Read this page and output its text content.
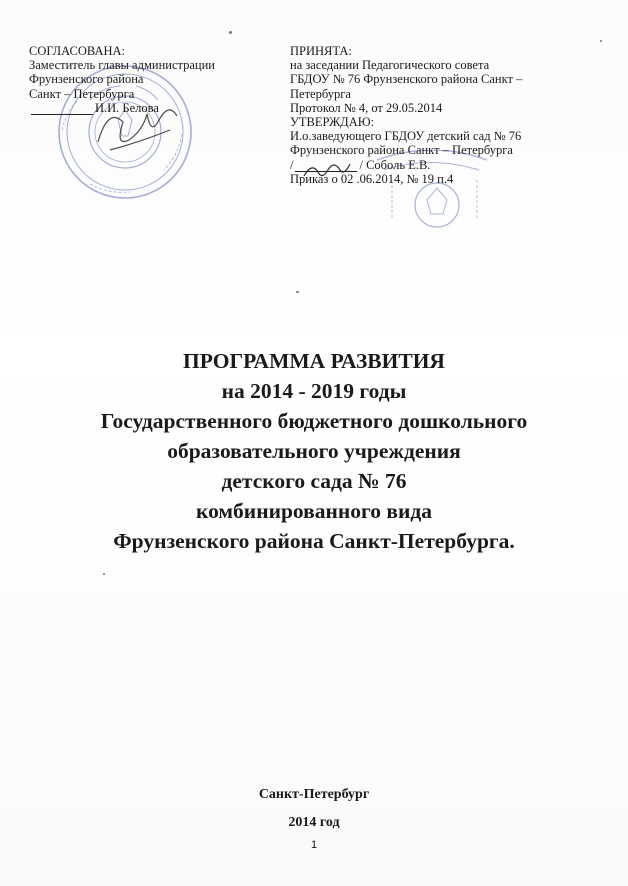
СОГЛАСОВАНА:
Заместитель главы администрации
Фрунзенского района
Санкт – Петербурга
И.И. Белова
ПРИНЯТА:
на заседании Педагогического совета
ГБДОУ № 76 Фрунзенского района Санкт –
Петербурга
Протокол № 4, от 29.05.2014
УТВЕРЖДАЮ:
И.о.заведующего ГБДОУ детский сад № 76
Фрунзенского района Санкт – Петербурга
/	/ Соболь Е.В.
Приказ о 02 .06.2014, № 19 п.4
ПРОГРАММА РАЗВИТИЯ
на 2014 - 2019 годы
Государственного бюджетного дошкольного
образовательного учреждения
детского сада № 76
комбинированного вида
Фрунзенского района Санкт-Петербурга.
Санкт-Петербург
2014 год
1
